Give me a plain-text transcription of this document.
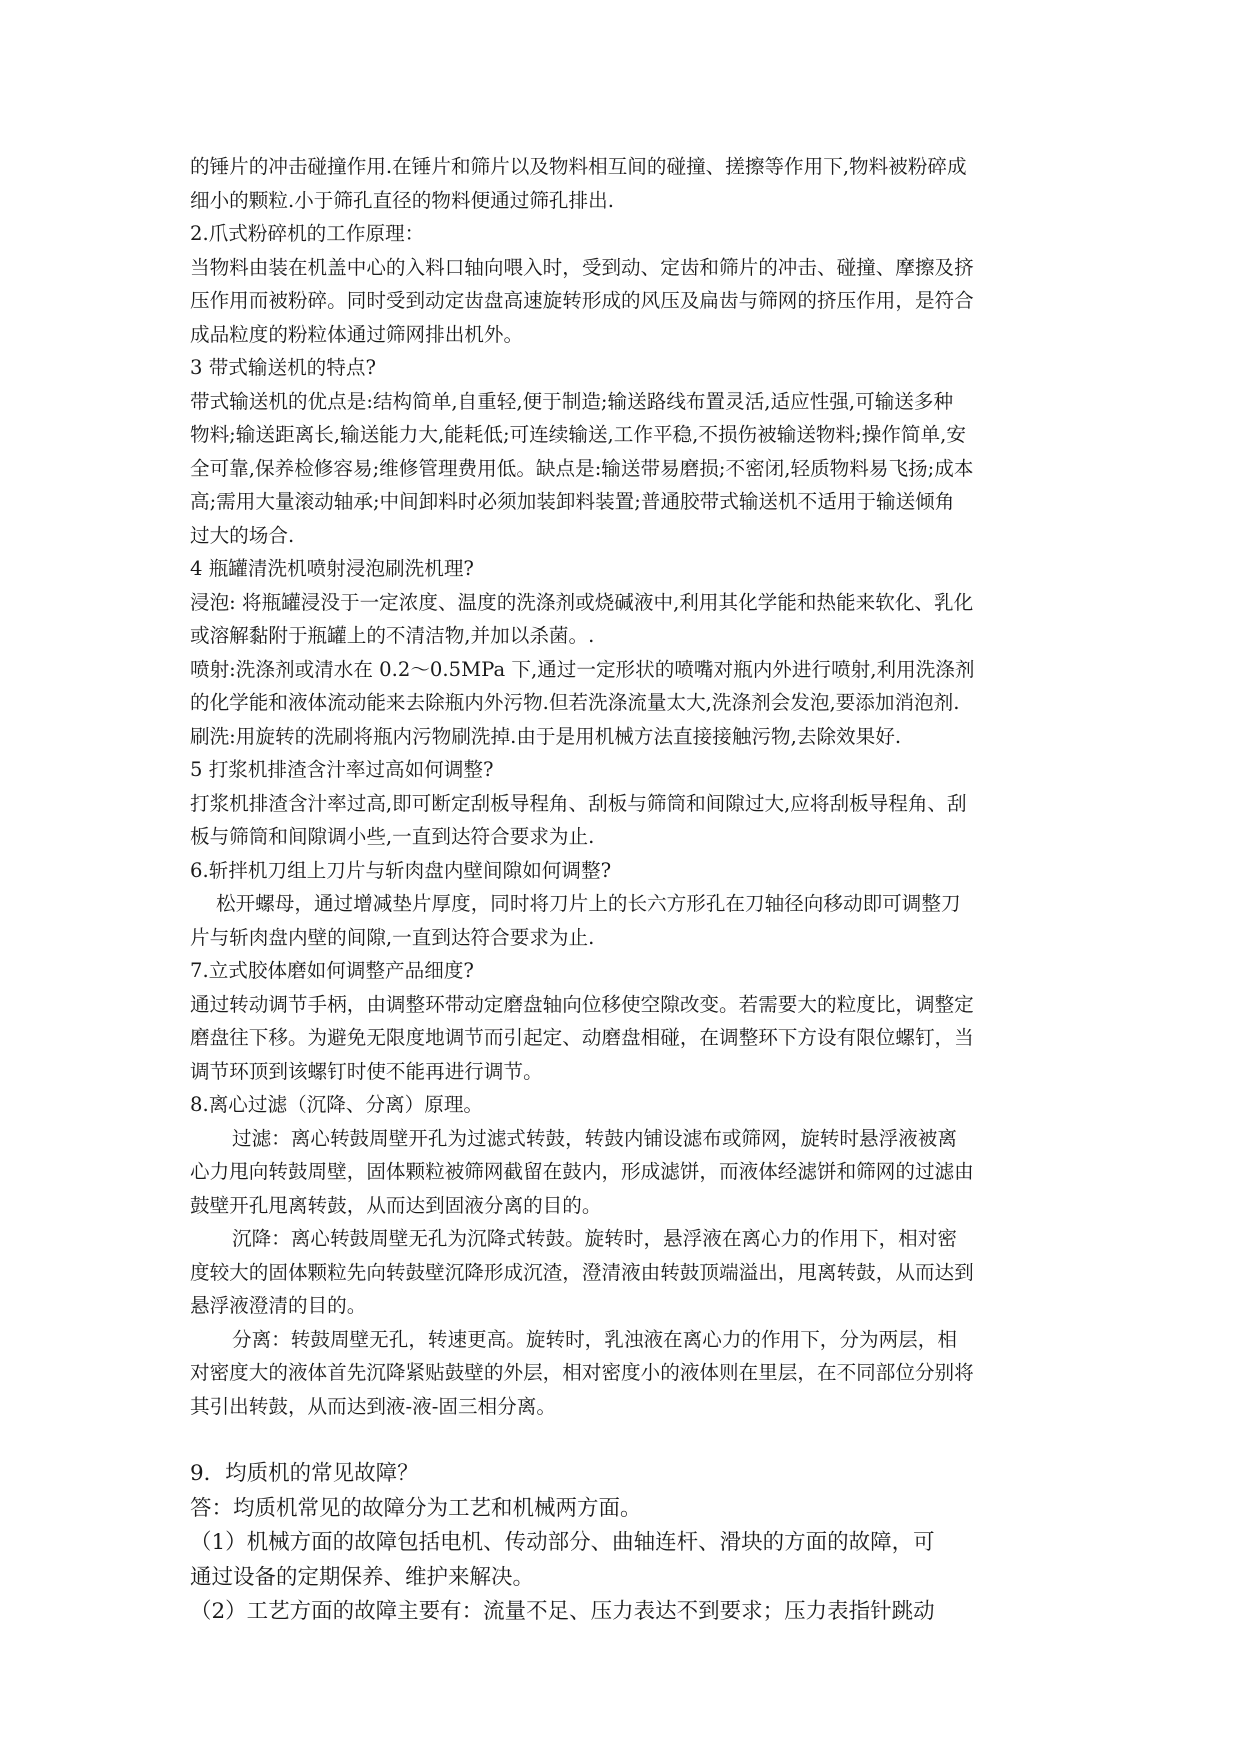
的锤片的冲击碰撞作用.在锤片和筛片以及物料相互间的碰撞、搓擦等作用下,物料被粉碎成
细小的颗粒.小于筛孔直径的物料便通过筛孔排出.
2.爪式粉碎机的工作原理：
当物料由装在机盖中心的入料口轴向喂入时，受到动、定齿和筛片的冲击、碰撞、摩擦及挤
压作用而被粉碎。同时受到动定齿盘高速旋转形成的风压及扁齿与筛网的挤压作用，是符合
成品粒度的粉粒体通过筛网排出机外。
3 带式输送机的特点?
带式输送机的优点是:结构简单,自重轻,便于制造;输送路线布置灵活,适应性强,可输送多种
物料;输送距离长,输送能力大,能耗低;可连续输送,工作平稳,不损伤被输送物料;操作简单,安
全可靠,保养检修容易;维修管理费用低。缺点是:输送带易磨损;不密闭,轻质物料易飞扬;成本
高;需用大量滚动轴承;中间卸料时必须加装卸料装置;普通胶带式输送机不适用于输送倾角
过大的场合.
4 瓶罐清洗机喷射浸泡刷洗机理?
浸泡: 将瓶罐浸没于一定浓度、温度的洗涤剂或烧碱液中,利用其化学能和热能来软化、乳化
或溶解黏附于瓶罐上的不清洁物,并加以杀菌。.
喷射:洗涤剂或清水在 0.2～0.5MPa 下,通过一定形状的喷嘴对瓶内外进行喷射,利用洗涤剂
的化学能和液体流动能来去除瓶内外污物.但若洗涤流量太大,洗涤剂会发泡,要添加消泡剂.
刷洗:用旋转的洗刷将瓶内污物刷洗掉.由于是用机械方法直接接触污物,去除效果好.
5 打浆机排渣含汁率过高如何调整?
打浆机排渣含汁率过高,即可断定刮板导程角、刮板与筛筒和间隙过大,应将刮板导程角、刮
板与筛筒和间隙调小些,一直到达符合要求为止.
6.斩拌机刀组上刀片与斩肉盘内壁间隙如何调整?
松开螺母，通过增减垫片厚度，同时将刀片上的长六方形孔在刀轴径向移动即可调整刀
片与斩肉盘内壁的间隙,一直到达符合要求为止.
7.立式胶体磨如何调整产品细度?
通过转动调节手柄，由调整环带动定磨盘轴向位移使空隙改变。若需要大的粒度比，调整定
磨盘往下移。为避免无限度地调节而引起定、动磨盘相碰，在调整环下方设有限位螺钉，当
调节环顶到该螺钉时使不能再进行调节。
8.离心过滤（沉降、分离）原理。
过滤：离心转鼓周壁开孔为过滤式转鼓，转鼓内铺设滤布或筛网，旋转时悬浮液被离
心力甩向转鼓周壁，固体颗粒被筛网截留在鼓内，形成滤饼，而液体经滤饼和筛网的过滤由
鼓壁开孔甩离转鼓，从而达到固液分离的目的。
沉降：离心转鼓周壁无孔为沉降式转鼓。旋转时，悬浮液在离心力的作用下，相对密
度较大的固体颗粒先向转鼓壁沉降形成沉渣，澄清液由转鼓顶端溢出，甩离转鼓，从而达到
悬浮液澄清的目的。
分离：转鼓周壁无孔，转速更高。旋转时，乳浊液在离心力的作用下，分为两层，相
对密度大的液体首先沉降紧贴鼓壁的外层，相对密度小的液体则在里层，在不同部位分别将
其引出转鼓，从而达到液-液-固三相分离。
9．均质机的常见故障？
答：均质机常见的故障分为工艺和机械两方面。
（1）机械方面的故障包括电机、传动部分、曲轴连杆、滑块的方面的故障，可
通过设备的定期保养、维护来解决。
（2）工艺方面的故障主要有：流量不足、压力表达不到要求；压力表指针跳动
